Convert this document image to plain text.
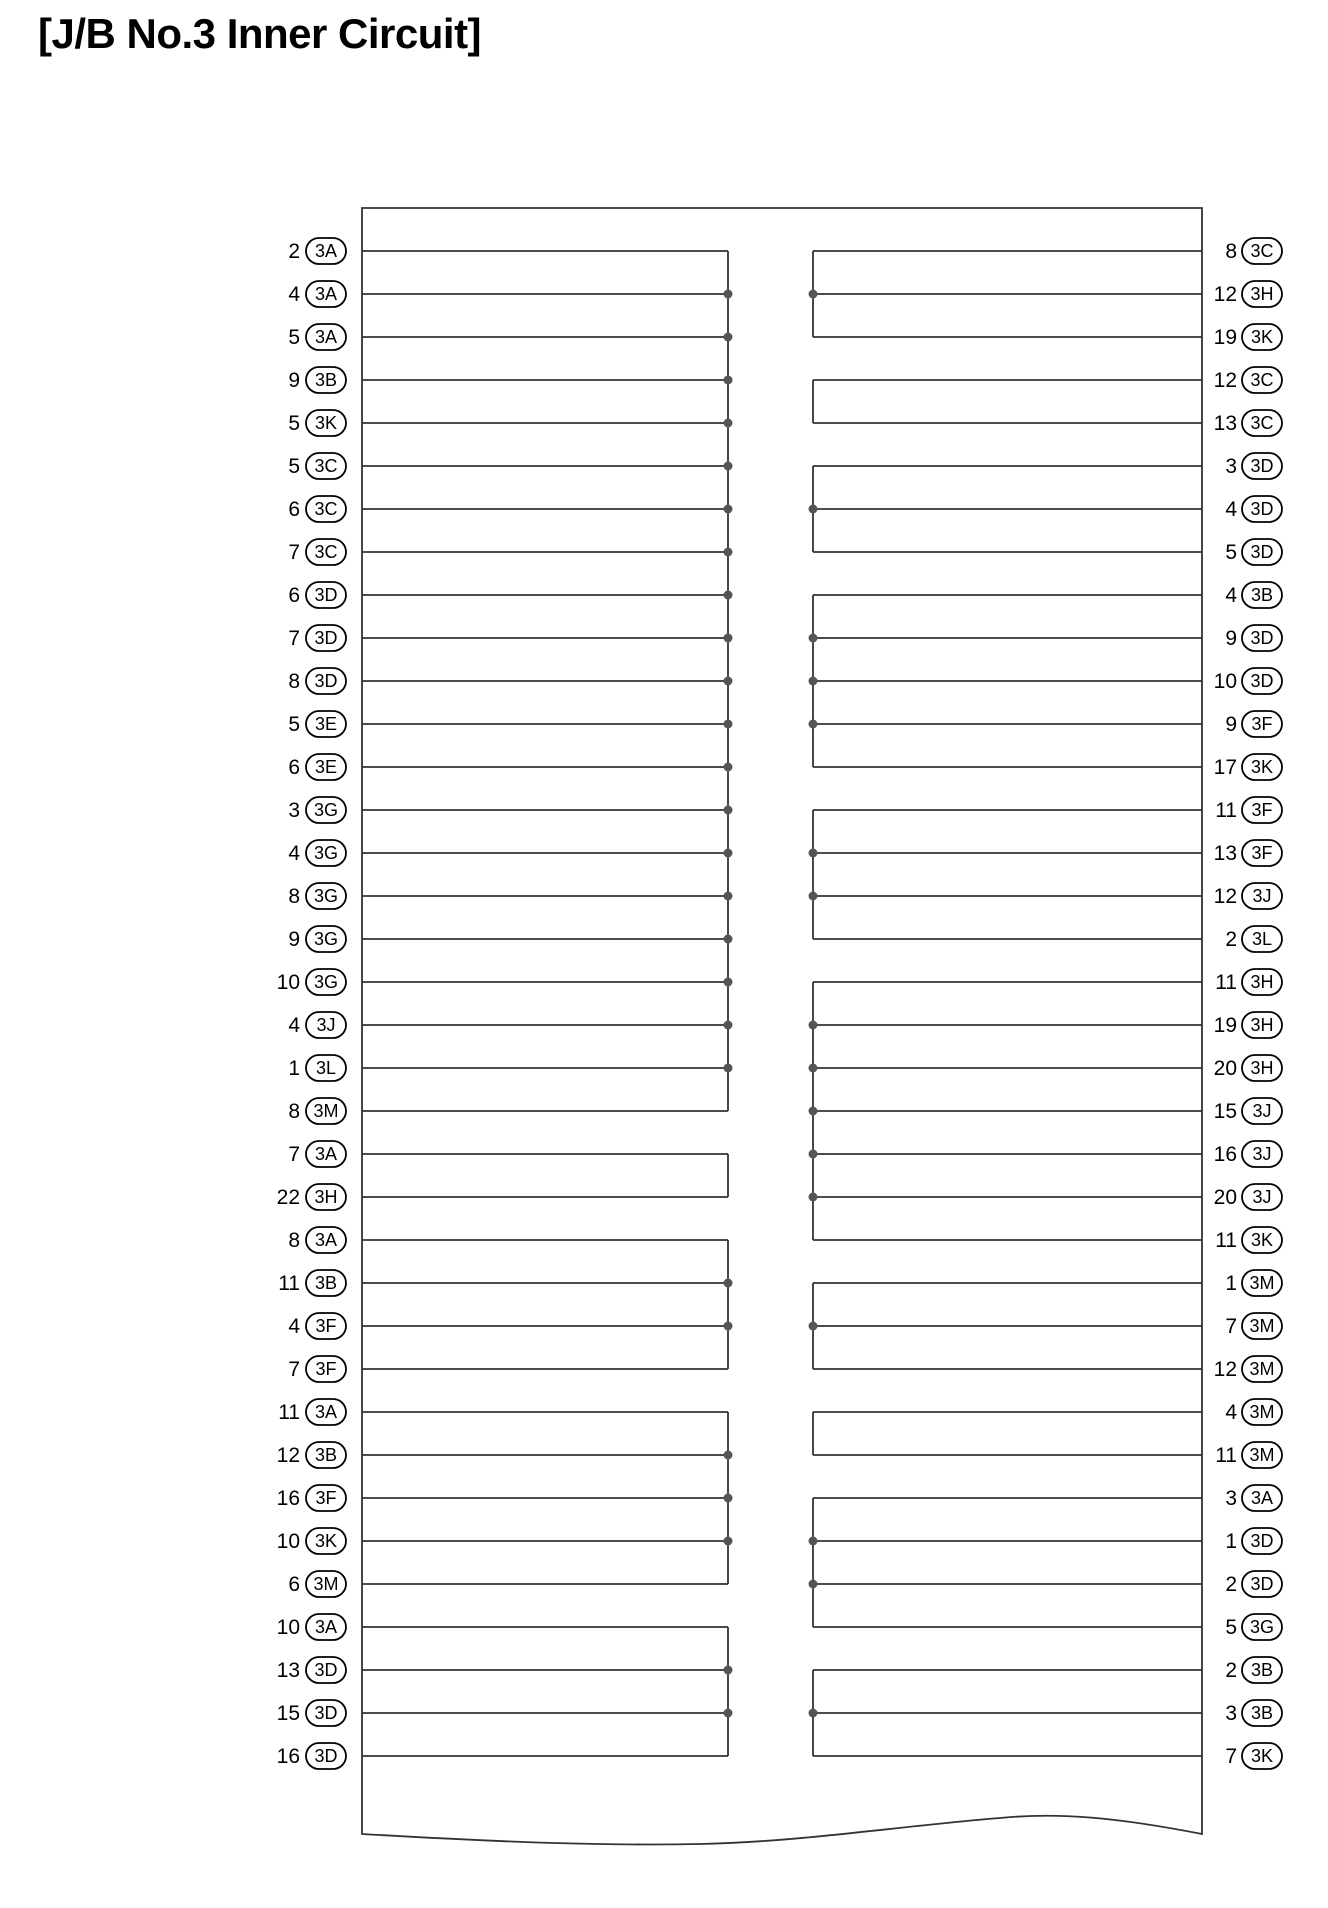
[J/B No.3 Inner Circuit]
2 3A
4 3A
5 3A
9 3B
5 3K
5 3C
6 3C
7 3C
6 3D
7 3D
8 3D
5 3E
6 3E
3 3G
4 3G
8 3G
9 3G
10 3G
4 3J
1 3L
8 3M
7 3A
22 3H
8 3A
11 3B
4 3F
7 3F
11 3A
12 3B
16 3F
10 3K
6 3M
10 3A
13 3D
15 3D
16 3D
8 3C
12 3H
19 3K
12 3C
13 3C
3 3D
4 3D
5 3D
4 3B
9 3D
10 3D
9 3F
17 3K
11 3F
13 3F
12 3J
2 3L
11 3H
19 3H
20 3H
15 3J
16 3J
20 3J
11 3K
1 3M
7 3M
12 3M
4 3M
11 3M
3 3A
1 3D
2 3D
5 3G
2 3B
3 3B
7 3K
